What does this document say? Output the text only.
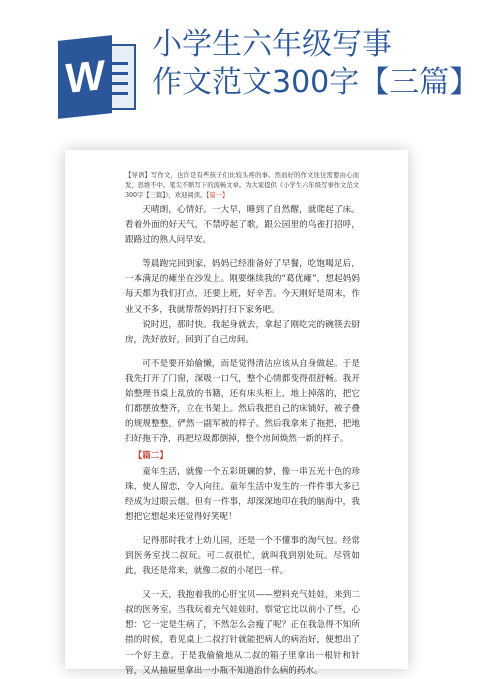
W
小学生六年级写事
作文范文300字【三篇】

【导语】写作文，也许是有些孩子们比较头疼的事。然而好的作文往往需要由心而发，思维不中。笔尖不断写下的流畅文章。为大家提供《小学生六年级写事作文范文300字【三篇】》，欢迎阅读。【篇一】

天晴朗，心情好。一大早，睡到了自然醒，就爬起了床。看着外面的好天气，不禁哼起了歌，跟公园里的鸟雀打招呼，跟路过的熟人问早安。

等晨跑完回到家，妈妈已经准备好了早餐，吃饱喝足后，一本满足的瘫坐在沙发上。刚要继续我的“葛优瘫”，想起妈妈每天都为我们打点，还要上班，好辛苦。今天刚好是周末，作业又不多，我就帮帮妈妈打扫下家务吧。

说时迟，那时快。我起身就去，拿起了刚吃完的碗筷去厨房，洗好放好，回到了自己房间。

可不是要开始偷懒，而是觉得清洁应该从自身做起。于是我先打开了门窗，深吸一口气，整个心情都变得很舒畅。我开始整理书桌上乱放的书籍，还有床头柜上，地上掉落的，把它们都摆放整齐，立在书架上。然后我把自己的床铺好，被子叠的规规整整，俨然一副军被的样子。然后我拿来了拖把，把地扫好拖干净，再把垃圾都倒掉，整个房间焕然一新的样子。

【篇二】

童年生活，就像一个五彩斑斓的梦，像一串五光十色的珍珠，使人留恋，令人向往。童年生活中发生的一件件事大多已经成为过眼云烟。但有一件事，却深深地印在我的脑海中，我想把它想起来还觉得好笑呢！

记得那时我才上幼儿园，还是一个不懂事的淘气包。经常到医务室找二叔玩。可二叔很忙，就叫我到别处玩。尽管如此，我还是常来，就像二叔的小尾巴一样。

又一天，我抱着我的心肝宝贝——塑料充气娃娃，来到二叔的医务室，当我玩着充气娃娃时，察觉它比以前小了些，心想：它一定是生病了，不然怎么会瘦了呢？正在我急得不知所措的时候，看见桌上二叔打针就能把病人的病治好，便想出了一个好主意。于是我偷偷地从二叔的箱子里拿出一根针和针管，又从抽屉里拿出一小瓶不知道治什么病的药水。
